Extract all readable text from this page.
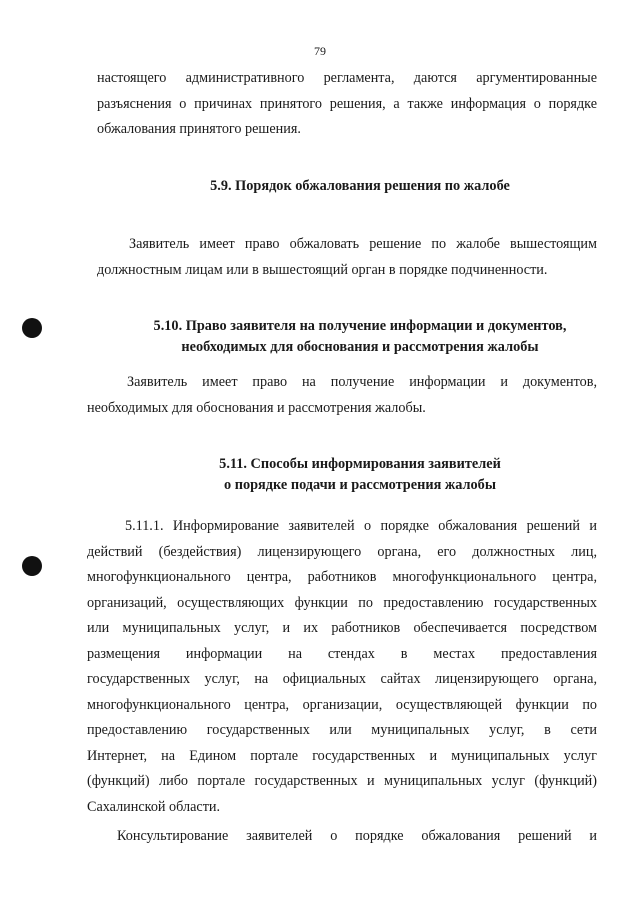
79
настоящего административного регламента, даются аргументированные
разъяснения о причинах принятого решения, а также информация о порядке
обжалования принятого решения.
5.9. Порядок обжалования решения по жалобе
Заявитель имеет право обжаловать решение по жалобе вышестоящим
должностным лицам или в вышестоящий орган в порядке подчиненности.
5.10. Право заявителя на получение информации и документов,
необходимых для обоснования и рассмотрения жалобы
Заявитель имеет право на получение информации и документов,
необходимых для обоснования и рассмотрения жалобы.
5.11. Способы информирования заявителей
о порядке подачи и рассмотрения жалобы
5.11.1. Информирование заявителей о порядке обжалования решений и
действий (бездействия) лицензирующего органа, его должностных лиц,
многофункционального центра, работников многофункционального центра,
организаций, осуществляющих функции по предоставлению государственных
или муниципальных услуг, и их работников обеспечивается посредством
размещения информации на стендах в местах предоставления
государственных услуг, на официальных сайтах лицензирующего органа,
многофункционального центра, организации, осуществляющей функции по
предоставлению государственных или муниципальных услуг, в сети
Интернет, на Едином портале государственных и муниципальных услуг
(функций) либо портале государственных и муниципальных услуг (функций)
Сахалинской области.
Консультирование заявителей о порядке обжалования решений и
